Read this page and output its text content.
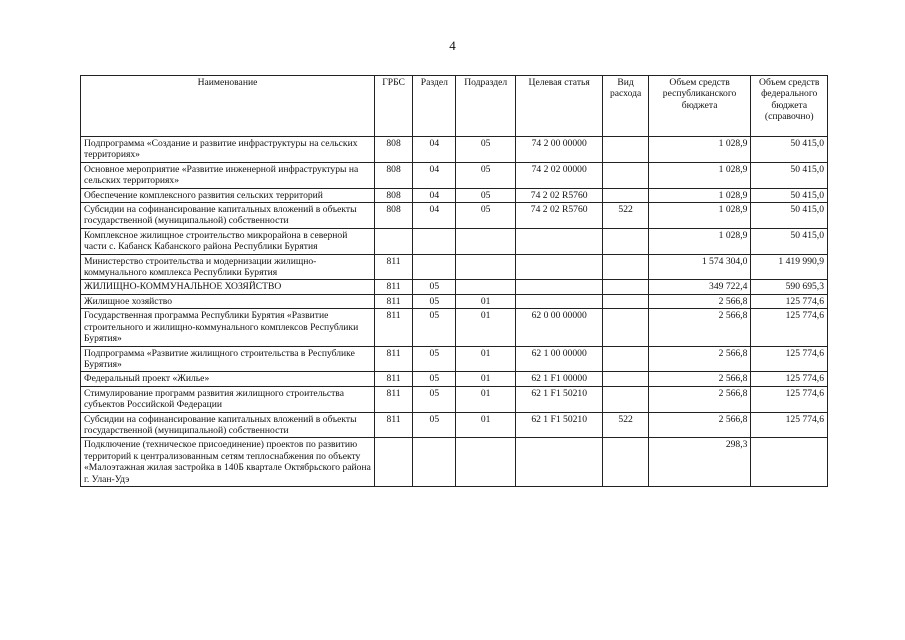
4
Наименование	ГРБС	Раздел	Подраздел	Целевая статья	Вид расхода	Объем средств республиканского бюджета	Объем средств федерального бюджета (справочно)
Подпрограмма «Создание и развитие инфраструктуры на сельских территориях»	808	04	05	74 2 00 00000		1 028,9	50 415,0
Основное мероприятие «Развитие инженерной инфраструктуры на сельских территориях»	808	04	05	74 2 02 00000		1 028,9	50 415,0
Обеспечение комплексного развития сельских территорий	808	04	05	74 2 02 R5760		1 028,9	50 415,0
Субсидии на софинансирование капитальных вложений в объекты государственной (муниципальной) собственности	808	04	05	74 2 02 R5760	522	1 028,9	50 415,0
Комплексное жилищное строительство микрорайона в северной части с. Кабанск Кабанского района Республики Бурятия						1 028,9	50 415,0
Министерство строительства и модернизации жилищно-коммунального комплекса Республики Бурятия	811					1 574 304,0	1 419 990,9
ЖИЛИЩНО-КОММУНАЛЬНОЕ ХОЗЯЙСТВО	811	05				349 722,4	590 695,3
Жилищное хозяйство	811	05	01			2 566,8	125 774,6
Государственная программа Республики Бурятия «Развитие строительного и жилищно-коммунального комплексов Республики Бурятия»	811	05	01	62 0 00 00000		2 566,8	125 774,6
Подпрограмма «Развитие жилищного строительства в Республике Бурятия»	811	05	01	62 1 00 00000		2 566,8	125 774,6
Федеральный проект «Жилье»	811	05	01	62 1 F1 00000		2 566,8	125 774,6
Стимулирование программ развития жилищного строительства субъектов Российской Федерации	811	05	01	62 1 F1 50210		2 566,8	125 774,6
Субсидии на софинансирование капитальных вложений в объекты государственной (муниципальной) собственности	811	05	01	62 1 F1 50210	522	2 566,8	125 774,6
Подключение (техническое присоединение) проектов по развитию территорий к централизованным сетям теплоснабжения по объекту «Малоэтажная жилая застройка в 140Б квартале Октябрьского района г. Улан-Удэ						298,3	
